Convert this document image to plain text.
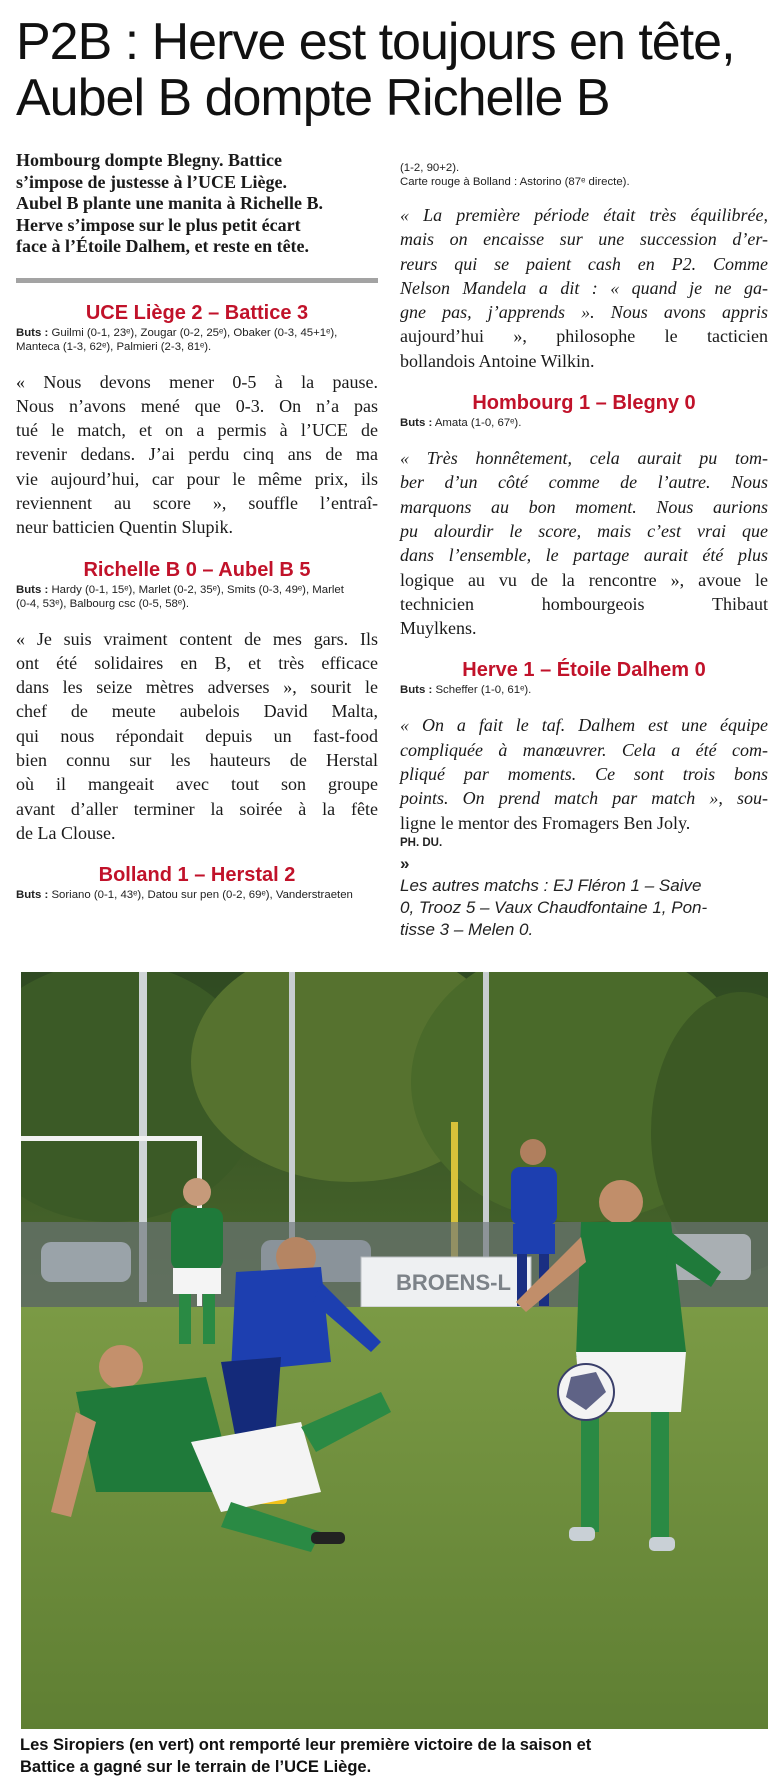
P2B : Herve est toujours en tête,
Aubel B dompte Richelle B

Hombourg dompte Blegny. Battice
s’impose de justesse à l’UCE Liège.
Aubel B plante une manita à Richelle B.
Herve s’impose sur le plus petit écart
face à l’Étoile Dalhem, et reste en tête.

UCE Liège 2 – Battice 3
Buts : Guilmi (0-1, 23ᵉ), Zougar (0-2, 25ᵉ), Obaker (0-3, 45+1ᵉ),
Manteca (1-3, 62ᵉ), Palmieri (2-3, 81ᵉ).

« Nous devons mener 0-5 à la pause.
Nous n’avons mené que 0-3. On n’a pas
tué le match, et on a permis à l’UCE de
revenir dedans. J’ai perdu cinq ans de ma
vie aujourd’hui, car pour le même prix, ils
reviennent au score », souffle l’entraî-
neur batticien Quentin Slupik.

Richelle B 0 – Aubel B 5
Buts : Hardy (0-1, 15ᵉ), Marlet (0-2, 35ᵉ), Smits (0-3, 49ᵉ), Marlet
(0-4, 53ᵉ), Balbourg csc (0-5, 58ᵉ).

« Je suis vraiment content de mes gars. Ils
ont été solidaires en B, et très efficace
dans les seize mètres adverses », sourit le
chef de meute aubelois David Malta,
qui nous répondait depuis un fast-food
bien connu sur les hauteurs de Herstal
où il mangeait avec tout son groupe
avant d’aller terminer la soirée à la fête
de La Clouse.

Bolland 1 – Herstal 2
Buts : Soriano (0-1, 43ᵉ), Datou sur pen (0-2, 69ᵉ), Vanderstraeten
(1-2, 90+2).
Carte rouge à Bolland : Astorino (87ᵉ directe).

« La première période était très équilibrée,
mais on encaisse sur une succession d’er-
reurs qui se paient cash en P2. Comme
Nelson Mandela a dit : « quand je ne ga-
gne pas, j’apprends ». Nous avons appris
aujourd’hui », philosophe le tacticien
bollandois Antoine Wilkin.

Hombourg 1 – Blegny 0
Buts : Amata (1-0, 67ᵉ).

« Très honnêtement, cela aurait pu tom-
ber d’un côté comme de l’autre. Nous
marquons au bon moment. Nous aurions
pu alourdir le score, mais c’est vrai que
dans l’ensemble, le partage aurait été plus
logique au vu de la rencontre », avoue le
technicien hombourgeois Thibaut
Muylkens.

Herve 1 – Étoile Dalhem 0
Buts : Scheffer (1-0, 61ᵉ).

« On a fait le taf. Dalhem est une équipe
compliquée à manœuvrer. Cela a été com-
pliqué par moments. Ce sont trois bons
points. On prend match par match », sou-
ligne le mentor des Fromagers Ben Joly.

PH. DU.
»
Les autres matchs : EJ Fléron 1 – Saive
0, Trooz 5 – Vaux Chaudfontaine 1, Pon-
tisse 3 – Melen 0.
BROENS-L

Les Siropiers (en vert) ont remporté leur première victoire de la saison et
Battice a gagné sur le terrain de l’UCE Liège.
